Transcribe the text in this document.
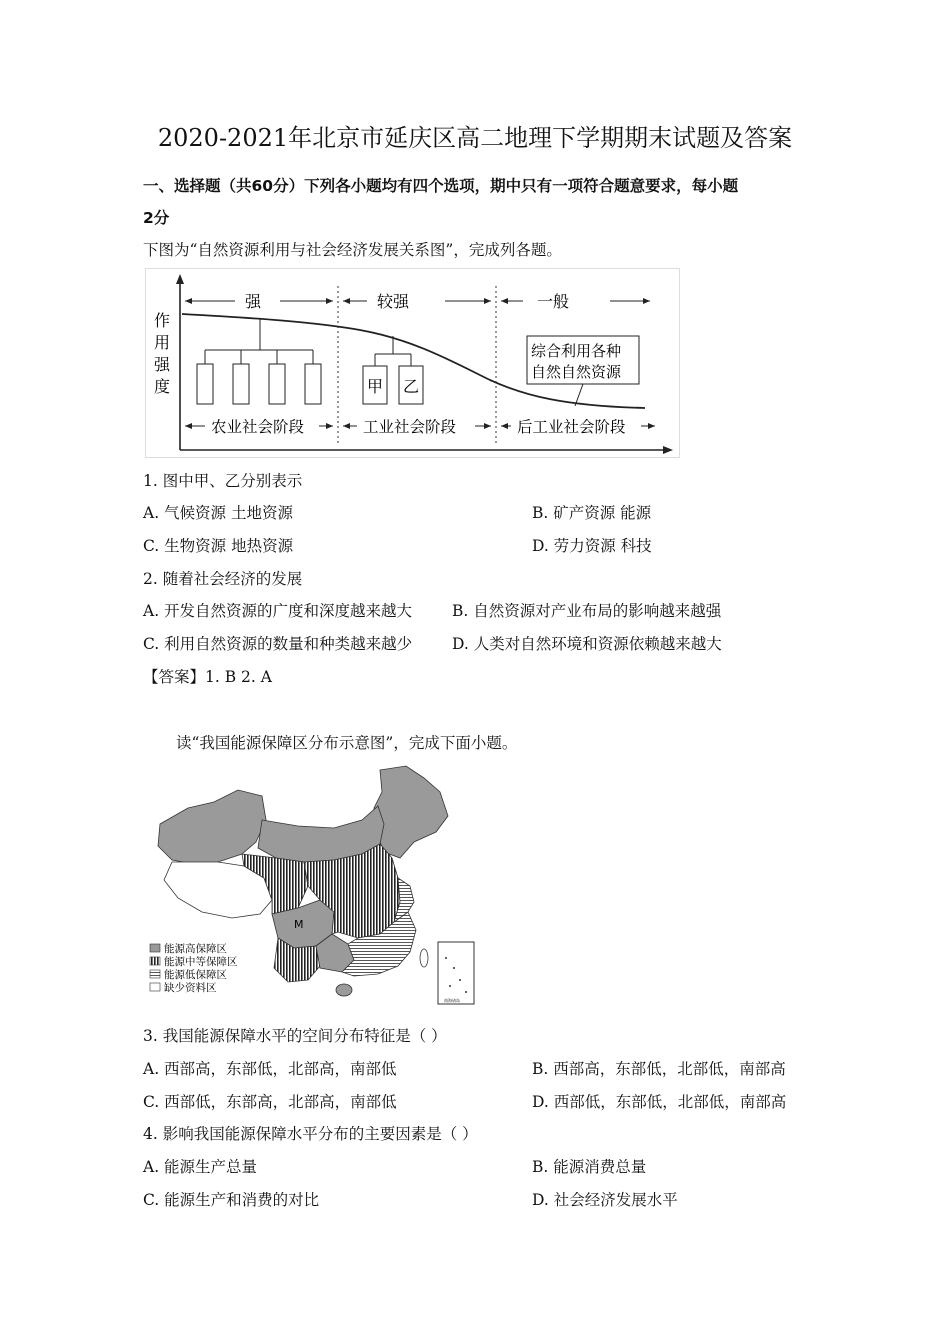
2020-2021年北京市延庆区高二地理下学期期末试题及答案
一、选择题（共60分）下列各小题均有四个选项，期中只有一项符合题意要求，每小题
2分
下图为“自然资源利用与社会经济发展关系图”，完成列各题。
作
用
强
度
强	较强	一般
甲 乙
综合利用各种
自然自然资源
农业社会阶段	工业社会阶段	后工业社会阶段
1. 图中甲、乙分别表示
A. 气候资源 土地资源	B. 矿产资源 能源
C. 生物资源 地热资源	D. 劳力资源 科技
2. 随着社会经济的发展
A. 开发自然资源的广度和深度越来越大	B. 自然资源对产业布局的影响越来越强
C. 利用自然资源的数量和种类越来越少	D. 人类对自然环境和资源依赖越来越大
【答案】1. B 2. A
读“我国能源保障区分布示意图”，完成下面小题。
M
南海诸岛
能源高保障区
能源中等保障区
能源低保障区
缺少资料区
3. 我国能源保障水平的空间分布特征是（ ）
A. 西部高，东部低，北部高，南部低	B. 西部高，东部低，北部低，南部高
C. 西部低，东部高，北部高，南部低	D. 西部低，东部低，北部低，南部高
4. 影响我国能源保障水平分布的主要因素是（ ）
A. 能源生产总量	B. 能源消费总量
C. 能源生产和消费的对比	D. 社会经济发展水平
